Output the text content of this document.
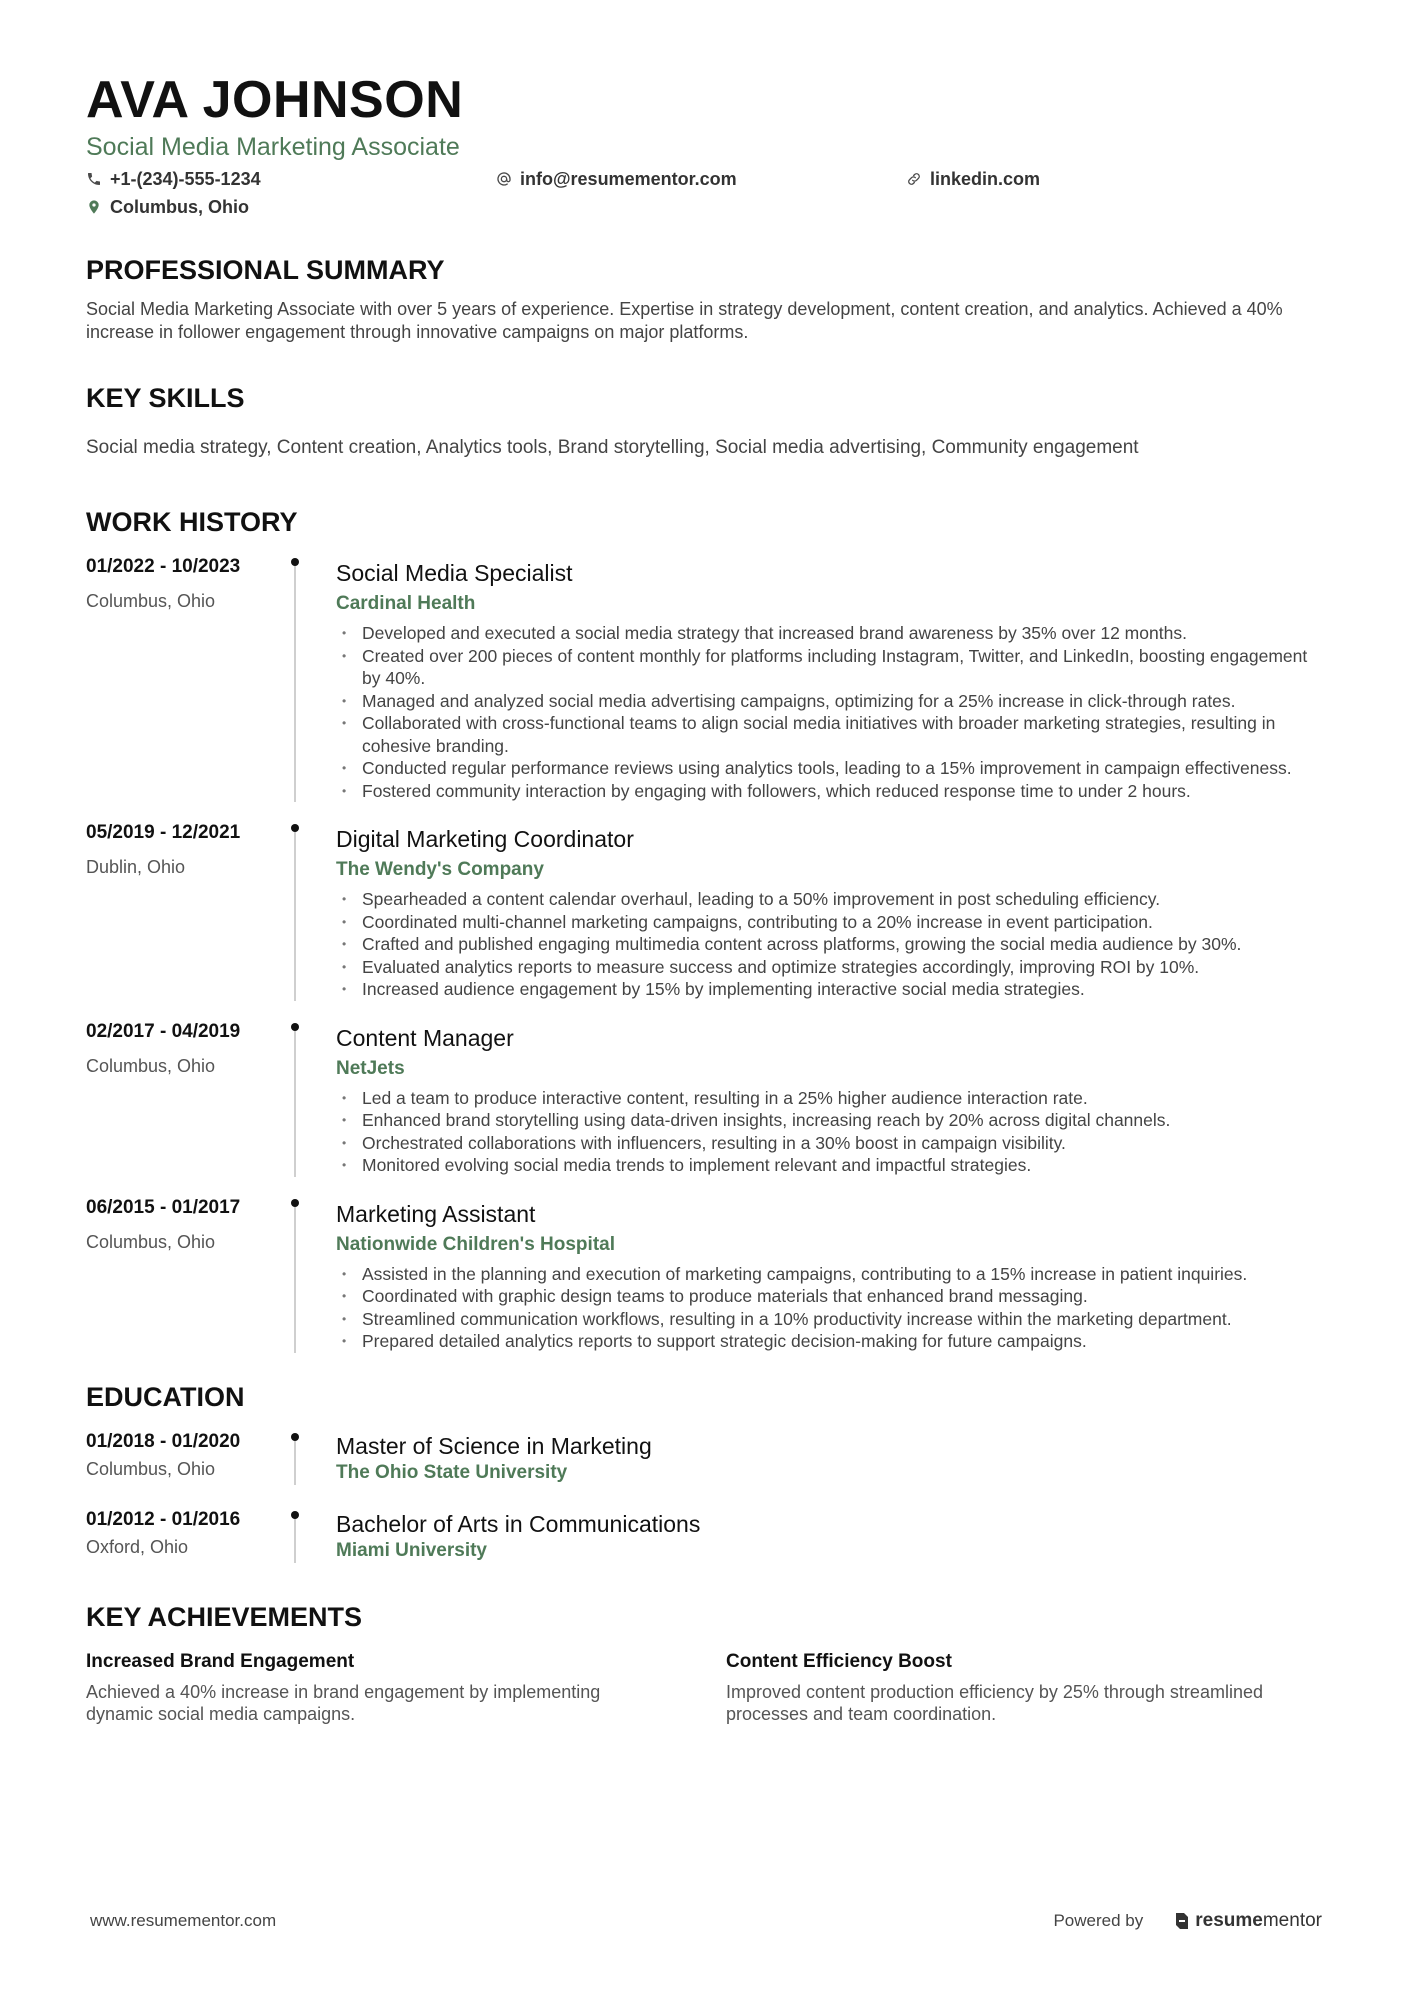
AVA JOHNSON
Social Media Marketing Associate
+1-(234)-555-1234	info@resumementor.com	linkedin.com
Columbus, Ohio
PROFESSIONAL SUMMARY
Social Media Marketing Associate with over 5 years of experience. Expertise in strategy development, content creation, and analytics. Achieved a 40% increase in follower engagement through innovative campaigns on major platforms.
KEY SKILLS
Social media strategy, Content creation, Analytics tools, Brand storytelling, Social media advertising, Community engagement
WORK HISTORY
01/2022 - 10/2023
Columbus, Ohio
Social Media Specialist
Cardinal Health
• Developed and executed a social media strategy that increased brand awareness by 35% over 12 months.
• Created over 200 pieces of content monthly for platforms including Instagram, Twitter, and LinkedIn, boosting engagement by 40%.
• Managed and analyzed social media advertising campaigns, optimizing for a 25% increase in click-through rates.
• Collaborated with cross-functional teams to align social media initiatives with broader marketing strategies, resulting in cohesive branding.
• Conducted regular performance reviews using analytics tools, leading to a 15% improvement in campaign effectiveness.
• Fostered community interaction by engaging with followers, which reduced response time to under 2 hours.
05/2019 - 12/2021
Dublin, Ohio
Digital Marketing Coordinator
The Wendy's Company
• Spearheaded a content calendar overhaul, leading to a 50% improvement in post scheduling efficiency.
• Coordinated multi-channel marketing campaigns, contributing to a 20% increase in event participation.
• Crafted and published engaging multimedia content across platforms, growing the social media audience by 30%.
• Evaluated analytics reports to measure success and optimize strategies accordingly, improving ROI by 10%.
• Increased audience engagement by 15% by implementing interactive social media strategies.
02/2017 - 04/2019
Columbus, Ohio
Content Manager
NetJets
• Led a team to produce interactive content, resulting in a 25% higher audience interaction rate.
• Enhanced brand storytelling using data-driven insights, increasing reach by 20% across digital channels.
• Orchestrated collaborations with influencers, resulting in a 30% boost in campaign visibility.
• Monitored evolving social media trends to implement relevant and impactful strategies.
06/2015 - 01/2017
Columbus, Ohio
Marketing Assistant
Nationwide Children's Hospital
• Assisted in the planning and execution of marketing campaigns, contributing to a 15% increase in patient inquiries.
• Coordinated with graphic design teams to produce materials that enhanced brand messaging.
• Streamlined communication workflows, resulting in a 10% productivity increase within the marketing department.
• Prepared detailed analytics reports to support strategic decision-making for future campaigns.
EDUCATION
01/2018 - 01/2020
Columbus, Ohio
Master of Science in Marketing
The Ohio State University
01/2012 - 01/2016
Oxford, Ohio
Bachelor of Arts in Communications
Miami University
KEY ACHIEVEMENTS
Increased Brand Engagement
Achieved a 40% increase in brand engagement by implementing dynamic social media campaigns.
Content Efficiency Boost
Improved content production efficiency by 25% through streamlined processes and team coordination.
www.resumementor.com	Powered by	resume mentor
